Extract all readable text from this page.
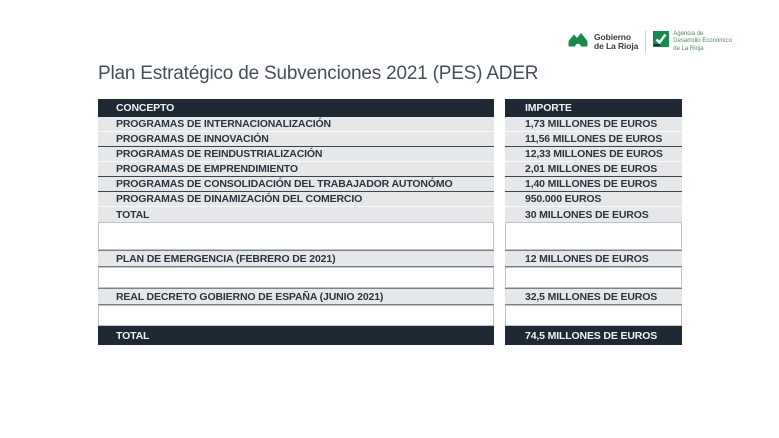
Gobierno
de La Rioja
Agencia de
Desarrollo Económico
de La Rioja
Plan Estratégico de Subvenciones 2021 (PES) ADER
CONCEPTO	IMPORTE
PROGRAMAS DE INTERNACIONALIZACIÓN	1,73 MILLONES DE EUROS
PROGRAMAS DE INNOVACIÓN	11,56 MILLONES DE EUROS
PROGRAMAS DE REINDUSTRIALIZACIÓN	12,33 MILLONES DE EUROS
PROGRAMAS DE EMPRENDIMIENTO	2,01 MILLONES DE EUROS
PROGRAMAS DE CONSOLIDACIÓN DEL TRABAJADOR AUTONÓMO	1,40 MILLONES DE EUROS
PROGRAMAS DE DINAMIZACIÓN DEL COMERCIO	950.000 EUROS
TOTAL	30 MILLONES DE EUROS
PLAN DE EMERGENCIA (FEBRERO DE 2021)	12 MILLONES DE EUROS
REAL DECRETO GOBIERNO DE ESPAÑA (JUNIO 2021)	32,5 MILLONES DE EUROS
TOTAL	74,5 MILLONES DE EUROS
